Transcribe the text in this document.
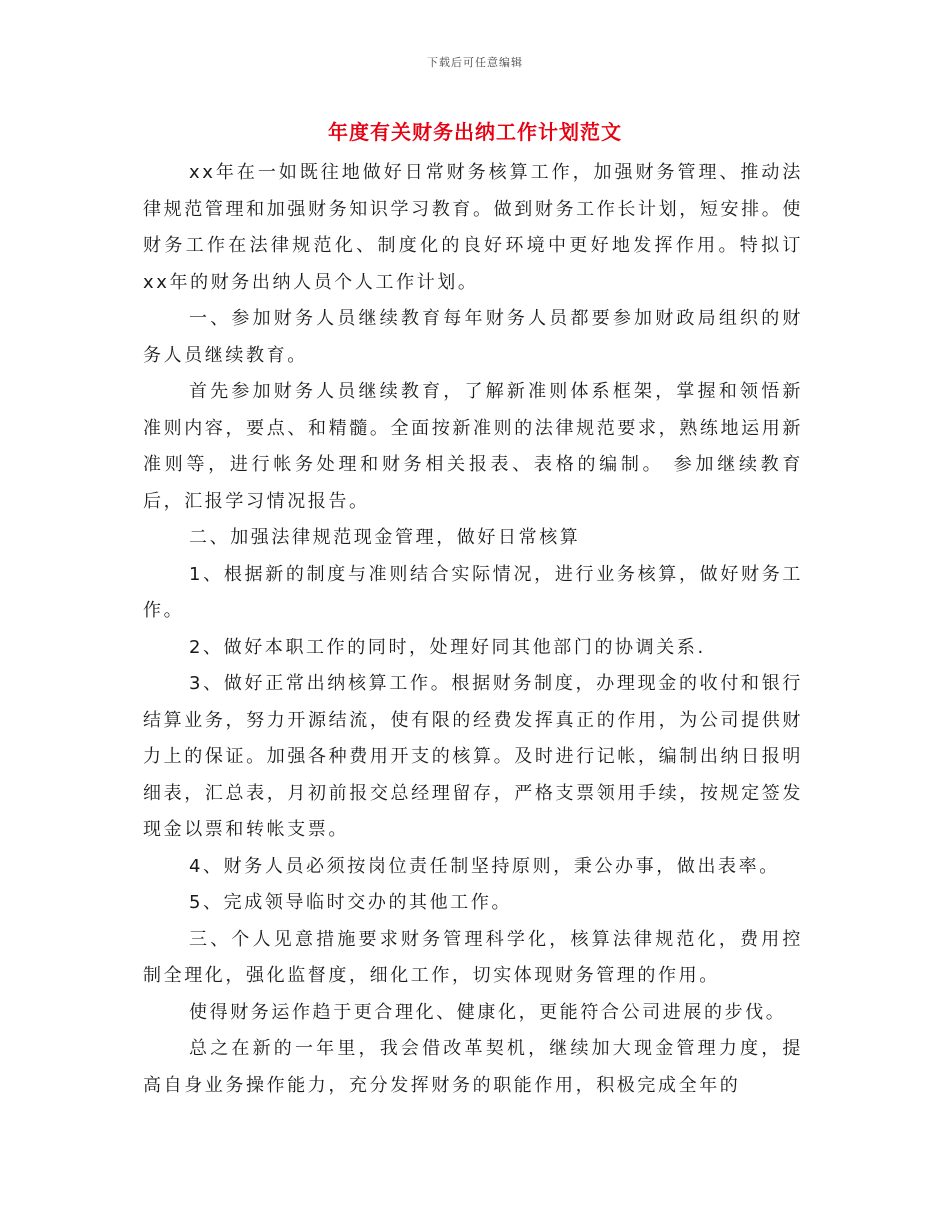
下载后可任意编辑
年度有关财务出纳工作计划范文

xx年在一如既往地做好日常财务核算工作，加强财务管理、推动法律规范管理和加强财务知识学习教育。做到财务工作长计划，短安排。使财务工作在法律规范化、制度化的良好环境中更好地发挥作用。特拟订xx年的财务出纳人员个人工作计划。

一、参加财务人员继续教育每年财务人员都要参加财政局组织的财务人员继续教育。

首先参加财务人员继续教育，了解新准则体系框架，掌握和领悟新准则内容，要点、和精髓。全面按新准则的法律规范要求，熟练地运用新准则等，进行帐务处理和财务相关报表、表格的编制。 参加继续教育后，汇报学习情况报告。

二、加强法律规范现金管理，做好日常核算

1、根据新的制度与准则结合实际情况，进行业务核算，做好财务工作。

2、做好本职工作的同时，处理好同其他部门的协调关系.

3、做好正常出纳核算工作。根据财务制度，办理现金的收付和银行结算业务，努力开源结流，使有限的经费发挥真正的作用，为公司提供财力上的保证。加强各种费用开支的核算。及时进行记帐，编制出纳日报明细表，汇总表，月初前报交总经理留存，严格支票领用手续，按规定签发现金以票和转帐支票。

4、财务人员必须按岗位责任制坚持原则，秉公办事，做出表率。

5、完成领导临时交办的其他工作。

三、个人见意措施要求财务管理科学化，核算法律规范化，费用控制全理化，强化监督度，细化工作，切实体现财务管理的作用。

使得财务运作趋于更合理化、健康化，更能符合公司进展的步伐。

总之在新的一年里，我会借改革契机，继续加大现金管理力度，提高自身业务操作能力，充分发挥财务的职能作用，积极完成全年的
